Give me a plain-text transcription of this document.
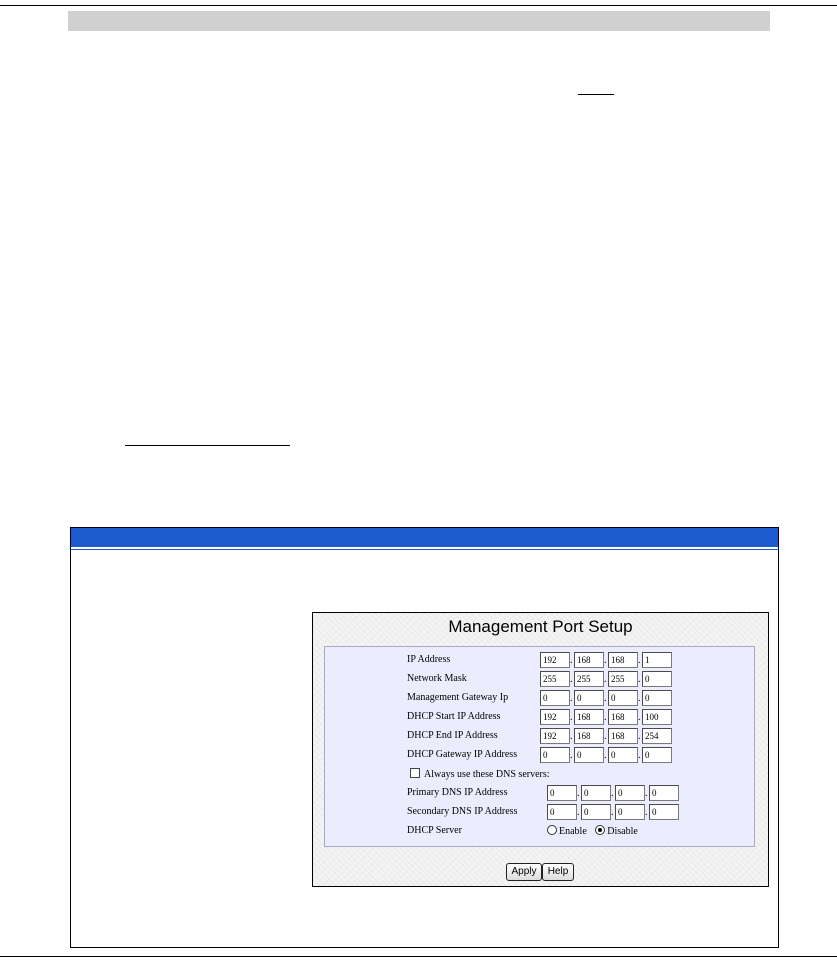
Management Port Setup
IP Address	192	. 168	. 168	. 1
Network Mask	255	. 255	. 255	. 0
Management Gateway Ip	0	. 0	. 0	. 0
DHCP Start IP Address	192	. 168	. 168	. 100
DHCP End IP Address	192	. 168	. 168	. 254
DHCP Gateway IP Address	0	. 0	. 0	. 0
Always use these DNS servers:
Primary DNS IP Address	0	. 0	. 0	. 0
Secondary DNS IP Address	0	. 0	. 0	. 0
DHCP Server	Enable Disable
Apply	Help
